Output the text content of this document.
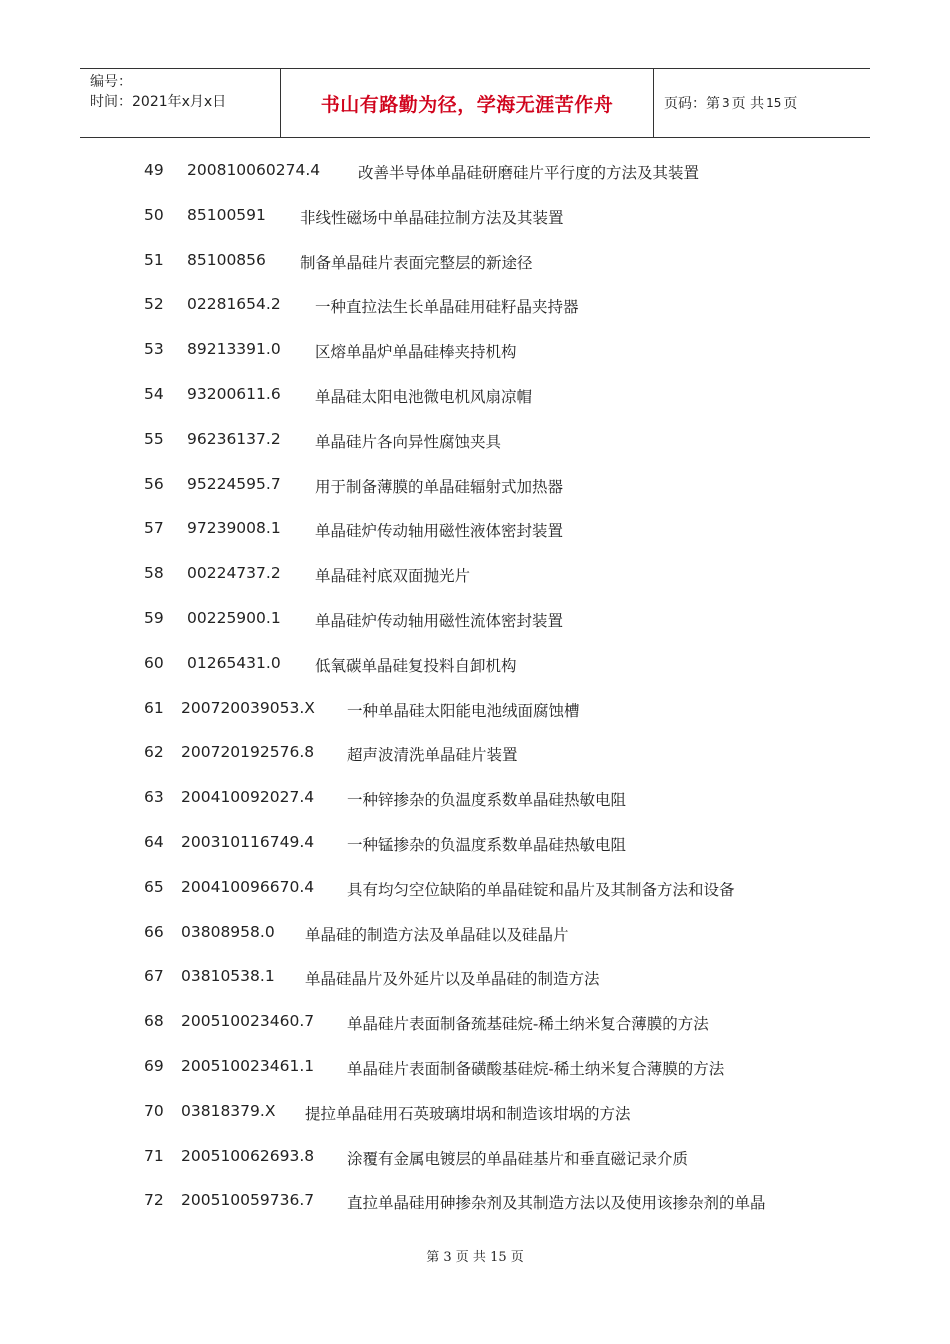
编号：
时间：2021年x月x日	书山有路勤为径，学海无涯苦作舟	页码：第 3 页 共 15 页
49 200810060274.4 改善半导体单晶硅研磨硅片平行度的方法及其装置
50 85100591 非线性磁场中单晶硅拉制方法及其装置
51 85100856 制备单晶硅片表面完整层的新途径
52 02281654.2 一种直拉法生长单晶硅用硅籽晶夹持器
53 89213391.0 区熔单晶炉单晶硅棒夹持机构
54 93200611.6 单晶硅太阳电池微电机风扇凉帽
55 96236137.2 单晶硅片各向异性腐蚀夹具
56 95224595.7 用于制备薄膜的单晶硅辐射式加热器
57 97239008.1 单晶硅炉传动轴用磁性液体密封装置
58 00224737.2 单晶硅衬底双面抛光片
59 00225900.1 单晶硅炉传动轴用磁性流体密封装置
60 01265431.0 低氧碳单晶硅复投料自卸机构
61 200720039053.X 一种单晶硅太阳能电池绒面腐蚀槽
62 200720192576.8 超声波清洗单晶硅片装置
63 200410092027.4 一种锌掺杂的负温度系数单晶硅热敏电阻
64 200310116749.4 一种锰掺杂的负温度系数单晶硅热敏电阻
65 200410096670.4 具有均匀空位缺陷的单晶硅锭和晶片及其制备方法和设备
66 03808958.0 单晶硅的制造方法及单晶硅以及硅晶片
67 03810538.1 单晶硅晶片及外延片以及单晶硅的制造方法
68 200510023460.7 单晶硅片表面制备巯基硅烷-稀土纳米复合薄膜的方法
69 200510023461.1 单晶硅片表面制备磺酸基硅烷-稀土纳米复合薄膜的方法
70 03818379.X 提拉单晶硅用石英玻璃坩埚和制造该坩埚的方法
71 200510062693.8 涂覆有金属电镀层的单晶硅基片和垂直磁记录介质
72 200510059736.7 直拉单晶硅用砷掺杂剂及其制造方法以及使用该掺杂剂的单晶
第 3 页 共 15 页
